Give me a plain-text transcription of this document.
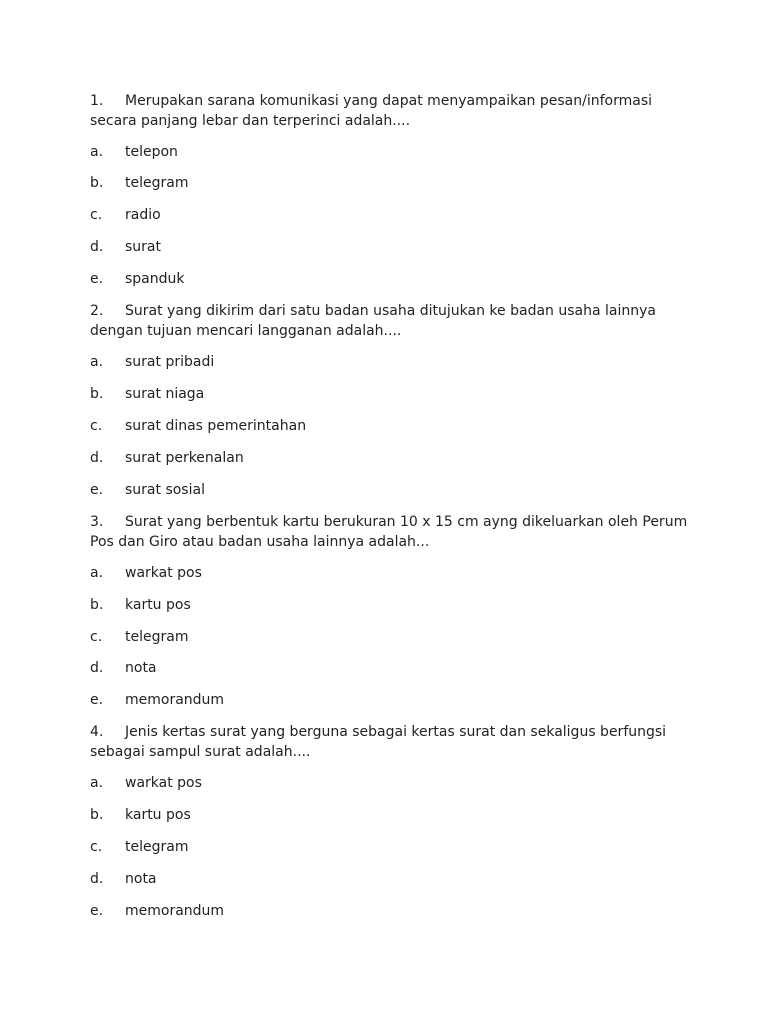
1. Merupakan sarana komunikasi yang dapat menyampaikan pesan/informasi secara panjang lebar dan terperinci adalah....

a. telepon

b. telegram

c. radio

d. surat

e. spanduk

2. Surat yang dikirim dari satu badan usaha ditujukan ke badan usaha lainnya dengan tujuan mencari langganan adalah....

a. surat pribadi

b. surat niaga

c. surat dinas pemerintahan

d. surat perkenalan

e. surat sosial

3. Surat yang berbentuk kartu berukuran 10 x 15 cm ayng dikeluarkan oleh Perum Pos dan Giro atau badan usaha lainnya adalah...

a. warkat pos

b. kartu pos

c. telegram

d. nota

e. memorandum

4. Jenis kertas surat yang berguna sebagai kertas surat dan sekaligus berfungsi sebagai sampul surat adalah....

a. warkat pos

b. kartu pos

c. telegram

d. nota

e. memorandum
